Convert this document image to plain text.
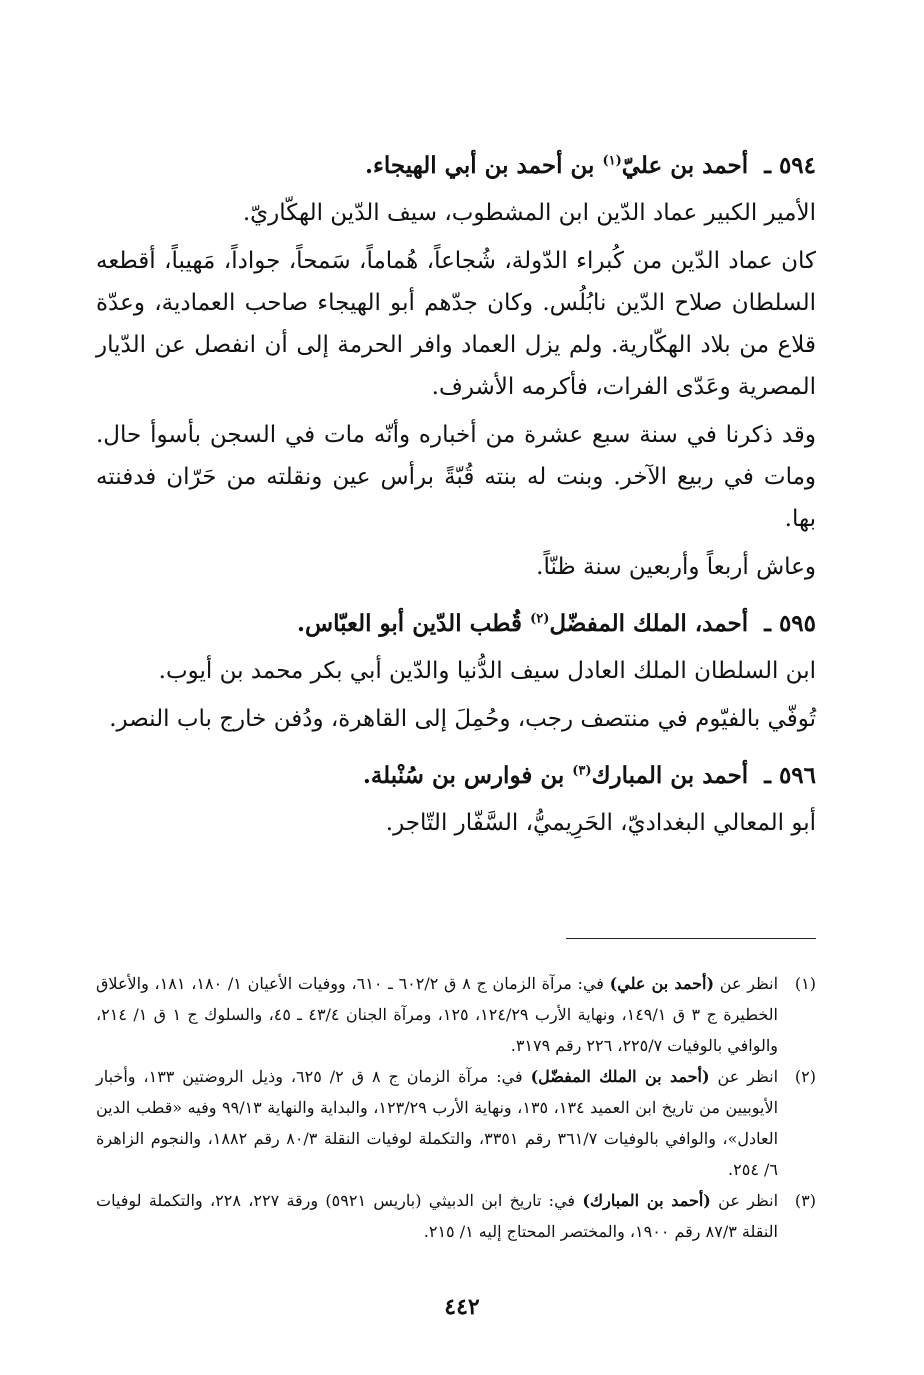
٥٩٤ ـ أحمد بن عليّ$^{(١)}$ بن أحمد بن أبي الهيجاء.

الأمير الكبير عماد الدّين ابن المشطوب، سيف الدّين الهكّاريّ.

كان عماد الدّين من كُبراء الدّولة، شُجاعاً، هُماماً، سَمحاً، جواداً، مَهيباً، أقطعه السلطان صلاح الدّين نابُلُس. وكان جدّهم أبو الهيجاء صاحب العمادية، وعدّة قلاع من بلاد الهكّارية. ولم يزل العماد وافر الحرمة إلى أن انفصل عن الدّيار المصرية وعَدّى الفرات، فأكرمه الأشرف.

وقد ذكرنا في سنة سبع عشرة من أخباره وأنّه مات في السجن بأسوأ حال. ومات في ربيع الآخر. وبنت له بنته قُبّةً برأس عين ونقلته من حَرّان فدفنته بها.

وعاش أربعاً وأربعين سنة ظنّاً.

٥٩٥ ـ أحمد، الملك المفضّل$^{(٢)}$ قُطب الدّين أبو العبّاس.

ابن السلطان الملك العادل سيف الدُّنيا والدّين أبي بكر محمد بن أيوب.

تُوفّي بالفيّوم في منتصف رجب، وحُمِلَ إلى القاهرة، ودُفن خارج باب النصر.

٥٩٦ ـ أحمد بن المبارك$^{(٣)}$ بن فوارس بن سُنْبلة.

أبو المعالي البغداديّ، الحَرِيميُّ، السَّفّار التّاجر.

(١)
انظر عن (أحمد بن علي) في: مرآة الزمان ج ٨ ق ٦٠٢/٢ ـ ٦١٠، ووفيات الأعيان ١/ ١٨٠، ١٨١، والأعلاق الخطيرة ج ٣ ق ١٤٩/١، ونهاية الأرب ١٢٤/٢٩، ١٢٥، ومرآة الجنان ٤٣/٤ ـ ٤٥، والسلوك ج ١ ق ١/ ٢١٤، والوافي بالوفيات ٢٢٥/٧، ٢٢٦ رقم ٣١٧٩.
(٢)
انظر عن (أحمد بن الملك المفضّل) في: مرآة الزمان ج ٨ ق ٢/ ٦٢٥، وذيل الروضتين ١٣٣، وأخبار الأيوبيين من تاريخ ابن العميد ١٣٤، ١٣٥، ونهاية الأرب ١٢٣/٢٩، والبداية والنهاية ٩٩/١٣ وفيه «قطب الدين العادل»، والوافي بالوفيات ٣٦١/٧ رقم ٣٣٥١، والتكملة لوفيات النقلة ٨٠/٣ رقم ١٨٨٢، والنجوم الزاهرة ٦/ ٢٥٤.
(٣)
انظر عن (أحمد بن المبارك) في: تاريخ ابن الدبيثي (باريس ٥٩٢١) ورقة ٢٢٧، ٢٢٨، والتكملة لوفيات النقلة ٨٧/٣ رقم ١٩٠٠، والمختصر المحتاج إليه ١/ ٢١٥.
٤٤٢
